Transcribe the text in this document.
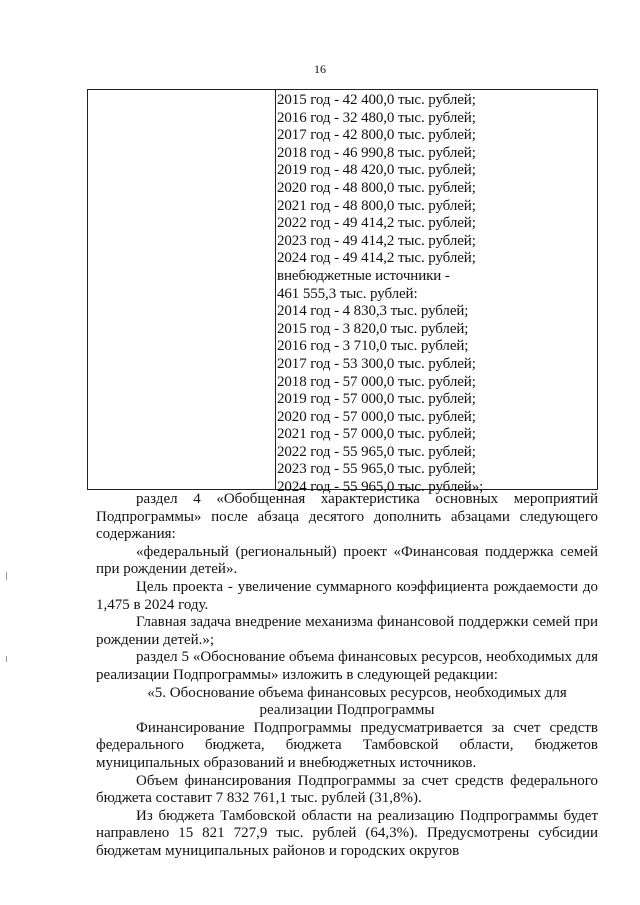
16
2015 год - 42 400,0 тыс. рублей;
2016 год - 32 480,0 тыс. рублей;
2017 год - 42 800,0 тыс. рублей;
2018 год - 46 990,8 тыс. рублей;
2019 год - 48 420,0 тыс. рублей;
2020 год - 48 800,0 тыс. рублей;
2021 год - 48 800,0 тыс. рублей;
2022 год - 49 414,2 тыс. рублей;
2023 год - 49 414,2 тыс. рублей;
2024 год - 49 414,2 тыс. рублей;
внебюджетные источники -
461 555,3 тыс. рублей:
2014 год - 4 830,3 тыс. рублей;
2015 год - 3 820,0 тыс. рублей;
2016 год - 3 710,0 тыс. рублей;
2017 год - 53 300,0 тыс. рублей;
2018 год - 57 000,0 тыс. рублей;
2019 год - 57 000,0 тыс. рублей;
2020 год - 57 000,0 тыс. рублей;
2021 год - 57 000,0 тыс. рублей;
2022 год - 55 965,0 тыс. рублей;
2023 год - 55 965,0 тыс. рублей;
2024 год - 55 965,0 тыс. рублей»;

раздел 4 «Обобщенная характеристика основных мероприятий Подпрограммы» после абзаца десятого дополнить абзацами следующего содержания:

«федеральный (региональный) проект «Финансовая поддержка семей при рождении детей».

Цель проекта - увеличение суммарного коэффициента рождаемости до 1,475 в 2024 году.

Главная задача внедрение механизма финансовой поддержки семей при рождении детей.»;

раздел 5 «Обоснование объема финансовых ресурсов, необходимых для реализации Подпрограммы» изложить в следующей редакции:

«5. Обоснование объема финансовых ресурсов, необходимых для

реализации Подпрограммы

Финансирование Подпрограммы предусматривается за счет средств федерального бюджета, бюджета Тамбовской области, бюджетов муниципальных образований и внебюджетных источников.

Объем финансирования Подпрограммы за счет средств федерального бюджета составит 7 832 761,1 тыс. рублей (31,8%).

Из бюджета Тамбовской области на реализацию Подпрограммы будет направлено 15 821 727,9 тыс. рублей (64,3%). Предусмотрены субсидии бюджетам муниципальных районов и городских округов
